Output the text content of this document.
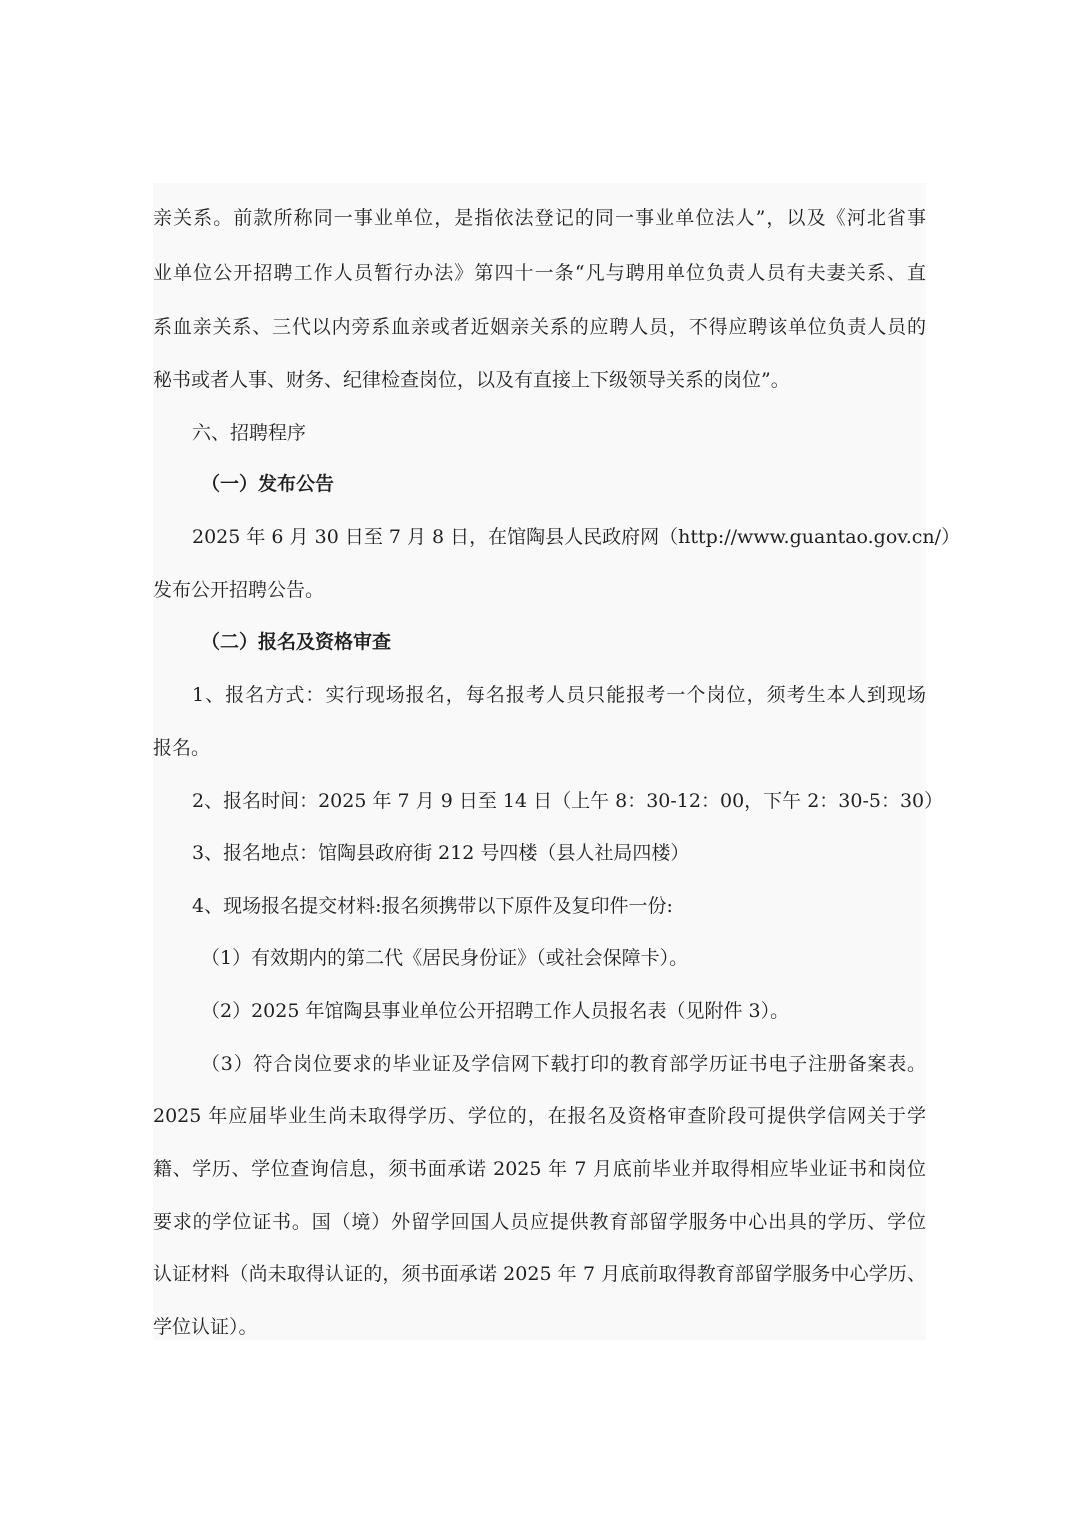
亲关系。前款所称同一事业单位，是指依法登记的同一事业单位法人”，以及《河北省事
业单位公开招聘工作人员暂行办法》第四十一条“凡与聘用单位负责人员有夫妻关系、直
系血亲关系、三代以内旁系血亲或者近姻亲关系的应聘人员，不得应聘该单位负责人员的
秘书或者人事、财务、纪律检查岗位，以及有直接上下级领导关系的岗位”。
六、招聘程序
（一）发布公告
2025 年 6 月 30 日至 7 月 8 日，在馆陶县人民政府网（http://www.guantao.gov.cn/）
发布公开招聘公告。
（二）报名及资格审查
1、报名方式：实行现场报名，每名报考人员只能报考一个岗位，须考生本人到现场
报名。
2、报名时间：2025 年 7 月 9 日至 14 日（上午 8：30-12：00，下午 2：30-5：30）
3、报名地点：馆陶县政府街 212 号四楼（县人社局四楼）
4、现场报名提交材料:报名须携带以下原件及复印件一份:
（1）有效期内的第二代《居民身份证》（或社会保障卡）。
（2）2025 年馆陶县事业单位公开招聘工作人员报名表（见附件 3）。
（3）符合岗位要求的毕业证及学信网下载打印的教育部学历证书电子注册备案表。
2025 年应届毕业生尚未取得学历、学位的，在报名及资格审查阶段可提供学信网关于学
籍、学历、学位查询信息，须书面承诺 2025 年 7 月底前毕业并取得相应毕业证书和岗位
要求的学位证书。国（境）外留学回国人员应提供教育部留学服务中心出具的学历、学位
认证材料（尚未取得认证的，须书面承诺 2025 年 7 月底前取得教育部留学服务中心学历、
学位认证）。
